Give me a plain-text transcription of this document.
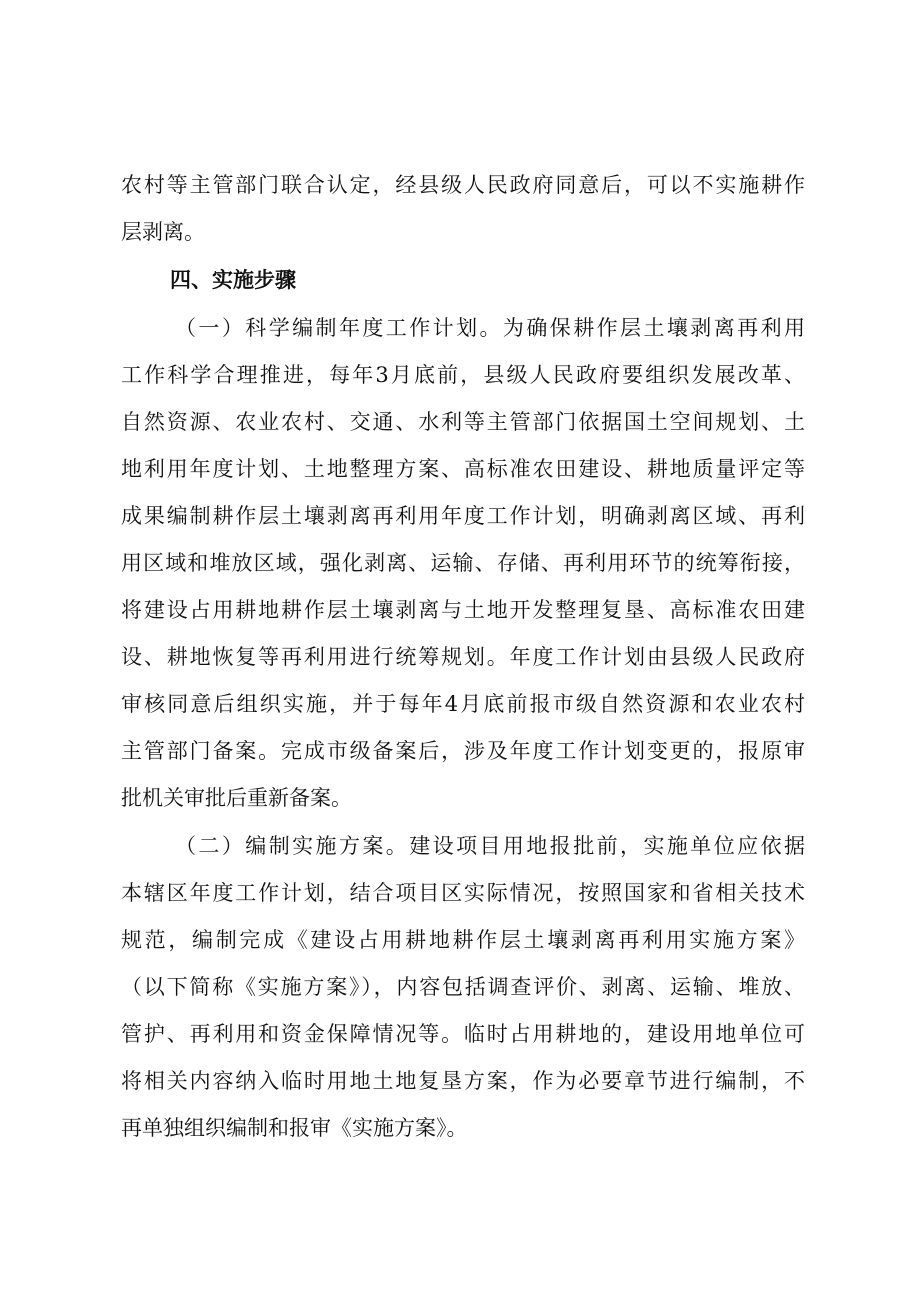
农村等主管部门联合认定，经县级人民政府同意后，可以不实施耕作
层剥离。
四、实施步骤
（一）科学编制年度工作计划。为确保耕作层土壤剥离再利用
工作科学合理推进，每年3月底前，县级人民政府要组织发展改革、
自然资源、农业农村、交通、水利等主管部门依据国土空间规划、土
地利用年度计划、土地整理方案、高标准农田建设、耕地质量评定等
成果编制耕作层土壤剥离再利用年度工作计划，明确剥离区域、再利
用区域和堆放区域，强化剥离、运输、存储、再利用环节的统筹衔接，
将建设占用耕地耕作层土壤剥离与土地开发整理复垦、高标准农田建
设、耕地恢复等再利用进行统筹规划。年度工作计划由县级人民政府
审核同意后组织实施，并于每年4月底前报市级自然资源和农业农村
主管部门备案。完成市级备案后，涉及年度工作计划变更的，报原审
批机关审批后重新备案。
（二）编制实施方案。建设项目用地报批前，实施单位应依据
本辖区年度工作计划，结合项目区实际情况，按照国家和省相关技术
规范，编制完成《建设占用耕地耕作层土壤剥离再利用实施方案》
（以下简称《实施方案》），内容包括调查评价、剥离、运输、堆放、
管护、再利用和资金保障情况等。临时占用耕地的，建设用地单位可
将相关内容纳入临时用地土地复垦方案，作为必要章节进行编制，不
再单独组织编制和报审《实施方案》。
